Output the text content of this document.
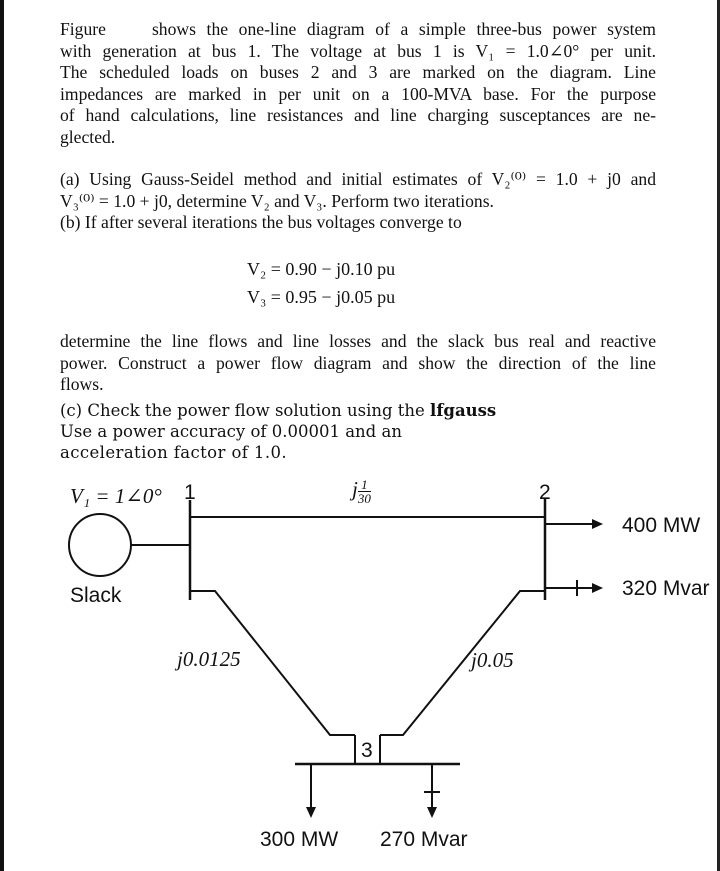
Figure	shows the one-line diagram of a simple three-bus power system
with generation at bus 1. The voltage at bus 1 is V₁ = 1.0∠0° per unit.
The scheduled loads on buses 2 and 3 are marked on the diagram. Line
impedances are marked in per unit on a 100-MVA base. For the purpose
of hand calculations, line resistances and line charging susceptances are ne-
glected.
(a) Using Gauss-Seidel method and initial estimates of V₂⁽⁰⁾ = 1.0 + j0 and
V₃⁽⁰⁾ = 1.0 + j0, determine V₂ and V₃. Perform two iterations.
(b) If after several iterations the bus voltages converge to
V₂ = 0.90 − j0.10 pu
V₃ = 0.95 − j0.05 pu
determine the line flows and line losses and the slack bus real and reactive
power. Construct a power flow diagram and show the direction of the line
flows.
(c) Check the power flow solution using the lfgauss
Use a power accuracy of 0.00001 and an
acceleration factor of 1.0.
V₁ = 1∠0° 1	j $\frac{1}{30}$	2
400 MW
320 Mvar
Slack
j0.0125	j0.05
3
300 MW 270 Mvar
